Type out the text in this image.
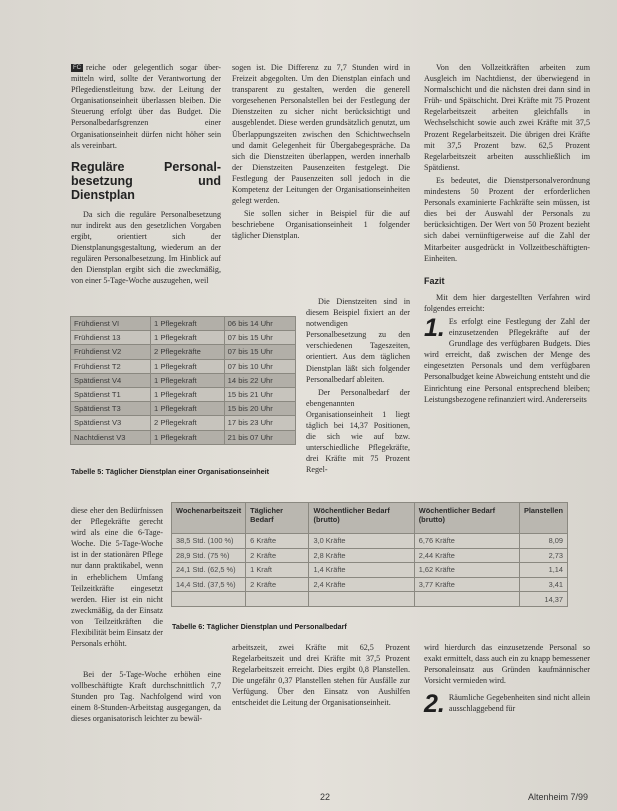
FC reiche oder gelegentlich sogar über-mitteln wird, sollte der Verantwortung der Pflegedienstleitung bzw. der Leitung der Organisationseinheit überlassen bleiben. Die Steuerung erfolgt über das Budget. Die Personalbedarfsgrenzen einer Organisationseinheit dürfen nicht höher sein als vereinbart.

Reguläre Personal-besetzung und Dienstplan

Da sich die reguläre Personalbesetzung nur indirekt aus den gesetzlichen Vorgaben ergibt, orientiert sich der Dienstplanungsgestaltung, wiederum an der regulären Personalbesetzung. Im Hinblick auf den Dienstplan ergibt sich die zweckmäßig, von einer 5-Tage-Woche auszugehen, weil

sogen ist. Die Differenz zu 7,7 Stunden wird in Freizeit abgegolten. Um den Dienstplan einfach und transparent zu gestalten, werden die generell vorgesehenen Personalstellen bei der Festlegung der Dienstzeiten zu sicher nicht berücksichtigt und ausgeblendet. Diese werden grundsätzlich genutzt, um Überlappungszeiten zwischen den Schichtwechseln und damit Gelegenheit für Übergabegespräche. Da sich die Dienstzeiten überlappen, werden innerhalb der Dienstzeiten Pausenzeiten festgelegt. Die Festlegung der Pausenzeiten soll jedoch in die Kompetenz der Leitungen der Organisationseinheiten gelegt werden.

Sie sollen sicher in Beispiel für die auf beschriebene Organisationseinheit 1 folgender täglicher Dienstplan.

Die Dienstzeiten sind in diesem Beispiel fixiert an der notwendigen Personalbesetzung zu den verschiedenen Tageszeiten, orientiert. Aus dem täglichen Dienstplan läßt sich folgender Personalbedarf ableiten.

Der Personalbedarf der ebengenannten Organisationseinheit 1 liegt täglich bei 14,37 Positionen, die sich wie auf bzw. unterschiedliche Pflegekräfte, drei Kräfte mit 75 Prozent Regel-

Von den Vollzeitkräften arbeiten zum Ausgleich im Nachtdienst, der überwiegend in Normalschicht und die nächsten drei dann sind in Früh- und Spätschicht. Drei Kräfte mit 75 Prozent Regelarbeitszeit arbeiten gleichfalls in Wechselschicht sowie auch zwei Kräfte mit 37,5 Prozent Regelarbeitszeit. Die übrigen drei Kräfte mit 37,5 Prozent bzw. 62,5 Prozent Regelarbeitszeit arbeiten ausschließlich im Spätdienst.

Es bedeutet, die Dienstpersonalverordnung mindestens 50 Prozent der erforderlichen Personals examinierte Fachkräfte sein müssen, ist dies bei der Auswahl der Personals zu berücksichtigen. Der Wert von 50 Prozent bezieht sich dabei vernünftigerweise auf die Zahl der Mitarbeiter ausgedrückt in Vollzeitbeschäftigten-Einheiten.

Fazit

Mit dem hier dargestellten Verfahren wird folgendes erreicht:

1. Es erfolgt eine Festlegung der Zahl der einzusetzenden Pflegekräfte auf der Grundlage des verfügbaren Budgets. Dies wird erreicht, daß zwischen der Menge des eingesetzten Personals und dem verfügbaren Personalbudget keine Abweichung entsteht und die Einrichtung eine Personal entsprechend bleiben; Leistungsbezogene refinanziert wird. Andererseits

Frühdienst VI	1 Pflegekraft	06 bis 14 Uhr
Frühdienst 13	1 Pflegekraft	07 bis 15 Uhr
Frühdienst V2	2 Pflegekräfte	07 bis 15 Uhr
Frühdienst T2	1 Pflegekraft	07 bis 10 Uhr
Spätdienst V4	1 Pflegekraft	14 bis 22 Uhr
Spätdienst T1	1 Pflegekraft	15 bis 21 Uhr
Spätdienst T3	1 Pflegekraft	15 bis 20 Uhr
Spätdienst V3	2 Pflegekraft	17 bis 23 Uhr
Nachtdienst V3	1 Pflegekraft	21 bis 07 Uhr
Tabelle 5: Täglicher Dienstplan einer Organisationseinheit

diese eher den Bedürfnissen der Pflegekräfte gerecht wird als eine die 6-Tage-Woche. Die 5-Tage-Woche ist in der stationären Pflege nur dann praktikabel, wenn in erheblichem Umfang Teilzeitkräfte eingesetzt werden. Hier ist ein nicht zweckmäßig, da der Einsatz von Teilzeitkräften die Flexibilität beim Einsatz der Personals erhöht.

Bei der 5-Tage-Woche erhöhen eine vollbeschäftigte Kraft durchschnittlich 7,7 Stunden pro Tag. Nachfolgend wird von einem 8-Stunden-Arbeitstag ausgegangen, da dieses organisatorisch leichter zu bewäl-

Wochenarbeitszeit	Täglicher Bedarf	Wöchentlicher Bedarf (brutto)	Wöchentlicher Bedarf (brutto)	Planstellen
38,5 Std. (100 %)	6 Kräfte	3,0 Kräfte	6,76 Kräfte	8,09
28,9 Std. (75 %)	2 Kräfte	2,8 Kräfte	2,44 Kräfte	2,73
24,1 Std. (62,5 %)	1 Kraft	1,4 Kräfte	1,62 Kräfte	1,14
14,4 Std. (37,5 %)	2 Kräfte	2,4 Kräfte	3,77 Kräfte	3,41
				14,37
Tabelle 6: Täglicher Dienstplan und Personalbedarf

arbeitszeit, zwei Kräfte mit 62,5 Prozent Regelarbeitszeit und drei Kräfte mit 37,5 Prozent Regelarbeitszeit erreicht. Dies ergibt 0,8 Planstellen. Die ungefähr 0,37 Planstellen stehen für Ausfälle zur Verfügung. Über den Einsatz von Aushilfen entscheidet die Leitung der Organisationseinheit.

wird hierdurch das einzusetzende Personal so exakt ermittelt, dass auch ein zu knapp bemessener Personaleinsatz aus Gründen kaufmännischer Vorsicht vermieden wird.

2. Räumliche Gegebenheiten sind nicht allein ausschlaggebend für

22	Altenheim 7/99
